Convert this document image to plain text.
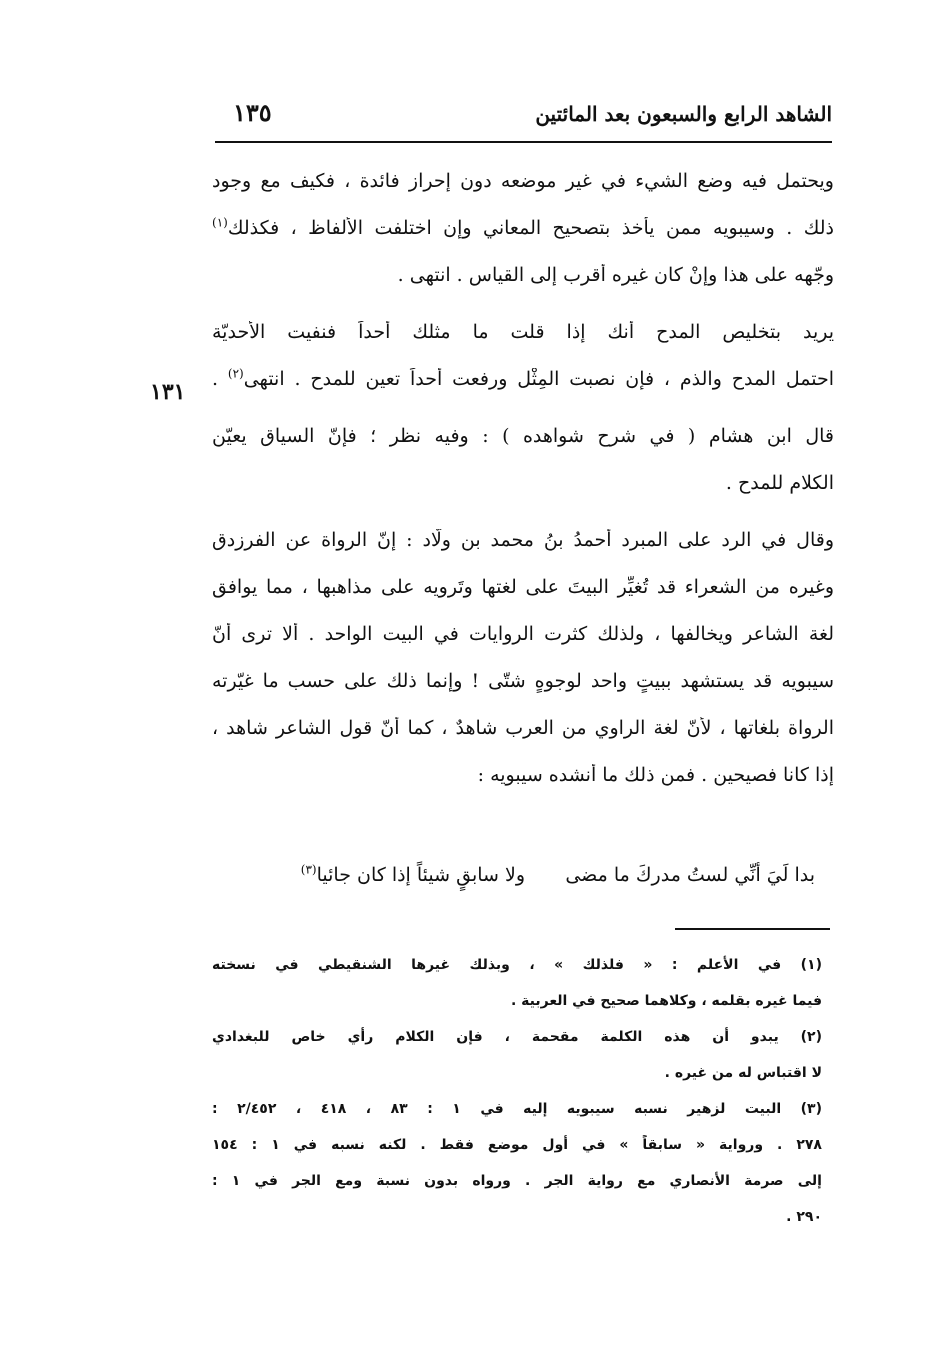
الشاهد الرابع والسبعون بعد المائتين
١٣٥
١٣١
ويحتمل فيه وضع الشيء في غير موضعه دون إحراز فائدة ، فكيف مع وجود
ذلك . وسيبويه ممن يأخذ بتصحيح المعاني وإن اختلفت الألفاظ ، فكذلك$^{(١)}$
وجّهه على هذا وإنْ كان غيره أقرب إلى القياس . انتهى .
يريد بتخليص المدح أنك إذا قلت ما مثلك أحداً فنفيت الأحديّة
احتمل المدح والذم ، فإن نصبت المِثْل ورفعت أحداً تعين للمدح . انتهى$^{(٢)}$ .
قال ابن هشام ( في شرح شواهده ) : وفيه نظر ؛ فإنّ السياق يعيّن
الكلام للمدح .
وقال في الرد على المبرد أحمدُ بنُ محمد بن ولّاد : إنّ الرواة عن الفرزدق
وغيره من الشعراء قد تُغيِّر البيتَ على لغتها وتَرويه على مذاهبها ، مما يوافق
لغة الشاعر ويخالفها ، ولذلك كثرت الروايات في البيت الواحد . ألا ترى أنّ
سيبويه قد يستشهد ببيتٍ واحد لوجوهٍ شتّى ! وإنما ذلك على حسب ما غيّرته
الرواة بلغاتها ، لأنّ لغة الراوي من العرب شاهدٌ ، كما أنّ قول الشاعر شاهد ،
إذا كانا فصيحين . فمن ذلك ما أنشده سيبويه :
بدا لَيَ أنِّي لستُ مدركَ ما مضى
ولا سابقٍ شيئاً إذا كان جائيا$^{(٣)}$
(١) في الأعلم : « فلذلك » ، وبذلك غيرها الشنقيطي في نسخته
فيما غيره بقلمه ، وكلاهما صحيح في العربية .
(٢) يبدو أن هذه الكلمة مقحمة ، فإن الكلام رأي خاص للبغدادي
لا اقتباس له من غيره .
(٣) البيت لزهير نسبه سيبويه إليه في ١ : ٨٣ ، ٤١٨ ، ٢/٤٥٢ :
٢٧٨ . ورواية « سابقاً » في أول موضع فقط . لكنه نسبه في ١ : ١٥٤
إلى صرمة الأنصاري مع رواية الجر . ورواه بدون نسبة ومع الجر في ١ :
٢٩٠ .
